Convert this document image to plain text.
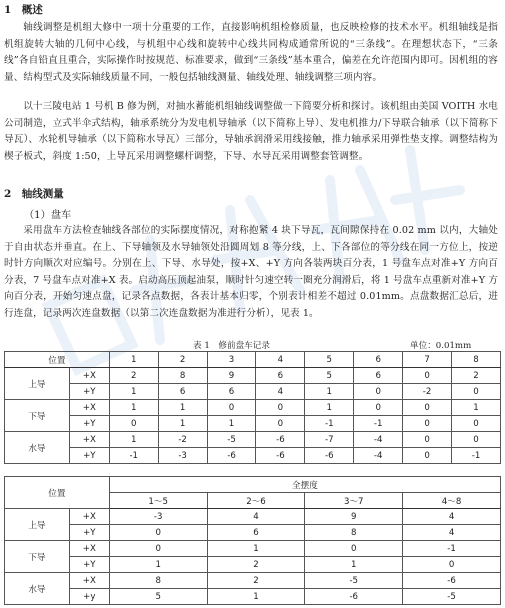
1　概述
轴线调整是机组大修中一项十分重要的工作，直接影响机组检修质量，也反映检修的技术水平。机组轴线是指机组旋转大轴的几何中心线，与机组中心线和旋转中心线共同构成通常所说的“三条线”。在理想状态下，“三条线”各自铅直且重合，实际操作时按规范、标准要求，做到“三条线”基本重合，偏差在允许范围内即可。因机组的容量、结构型式及实际轴线质量不同，一般包括轴线测量、轴线处理、轴线调整三项内容。
以十三陵电站 1 号机 B 修为例，对抽水蓄能机组轴线调整做一下简要分析和探讨。该机组由美国 VOITH 水电公司制造，立式半伞式结构，轴承系统分为发电机导轴承（以下简称上导）、发电机推力/下导联合轴承（以下简称下导瓦）、水轮机导轴承（以下简称水导瓦）三部分，导轴承润滑采用线接触，推力轴承采用弹性垫支撑。调整结构为楔子板式，斜度 1:50，上导瓦采用调整螺杆调整，下导、水导瓦采用调整套管调整。
2　轴线测量
（1）盘车
采用盘车方法检查轴线各部位的实际摆度情况，对称抱紧 4 块下导瓦，瓦间隙保持在 0.02 mm 以内，大轴处于自由状态并垂直。在上、下导轴领及水导轴领处沿圆周划 8 等分线，上、下各部位的等分线在同一方位上，按逆时针方向顺次对应编号。分别在上、下导、水导处，按+X、+Y 方向各装两块百分表，1 号盘车点对准+Y 方向百分表，7 号盘车点对准+X 表。启动高压顶起油泵，顺时针匀速空转一圈充分润滑后，将 1 号盘车点重新对准+Y 方向百分表，开始匀速点盘，记录各点数据，各表计基本归零，个别表计相差不超过 0.01mm。点盘数据汇总后，进行连盘，记录两次连盘数据（以第二次连盘数据为准进行分析），见表 1。
表 1　修前盘车记录	单位：0.01mm
位置		1	2	3	4	5	6	7	8
上导	+X	2	8	9	6	5	6	0	2
	+Y	1	6	6	4	1	0	-2	0
下导	+X	1	1	0	0	1	0	0	1
	+Y	0	1	1	0	-1	-1	0	0
水导	+X	1	-2	-5	-6	-7	-4	0	0
	+Y	-1	-3	-6	-6	-6	-4	0	-1
位置		全摆度			
		1～5	2～6	3～7	4～8
上导	+X	-3	4	9	4
	+Y	0	6	8	4
下导	+X	0	1	0	-1
	+Y	1	2	1	0
水导	+X	8	2	-5	-6
	+y	5	1	-6	-5
